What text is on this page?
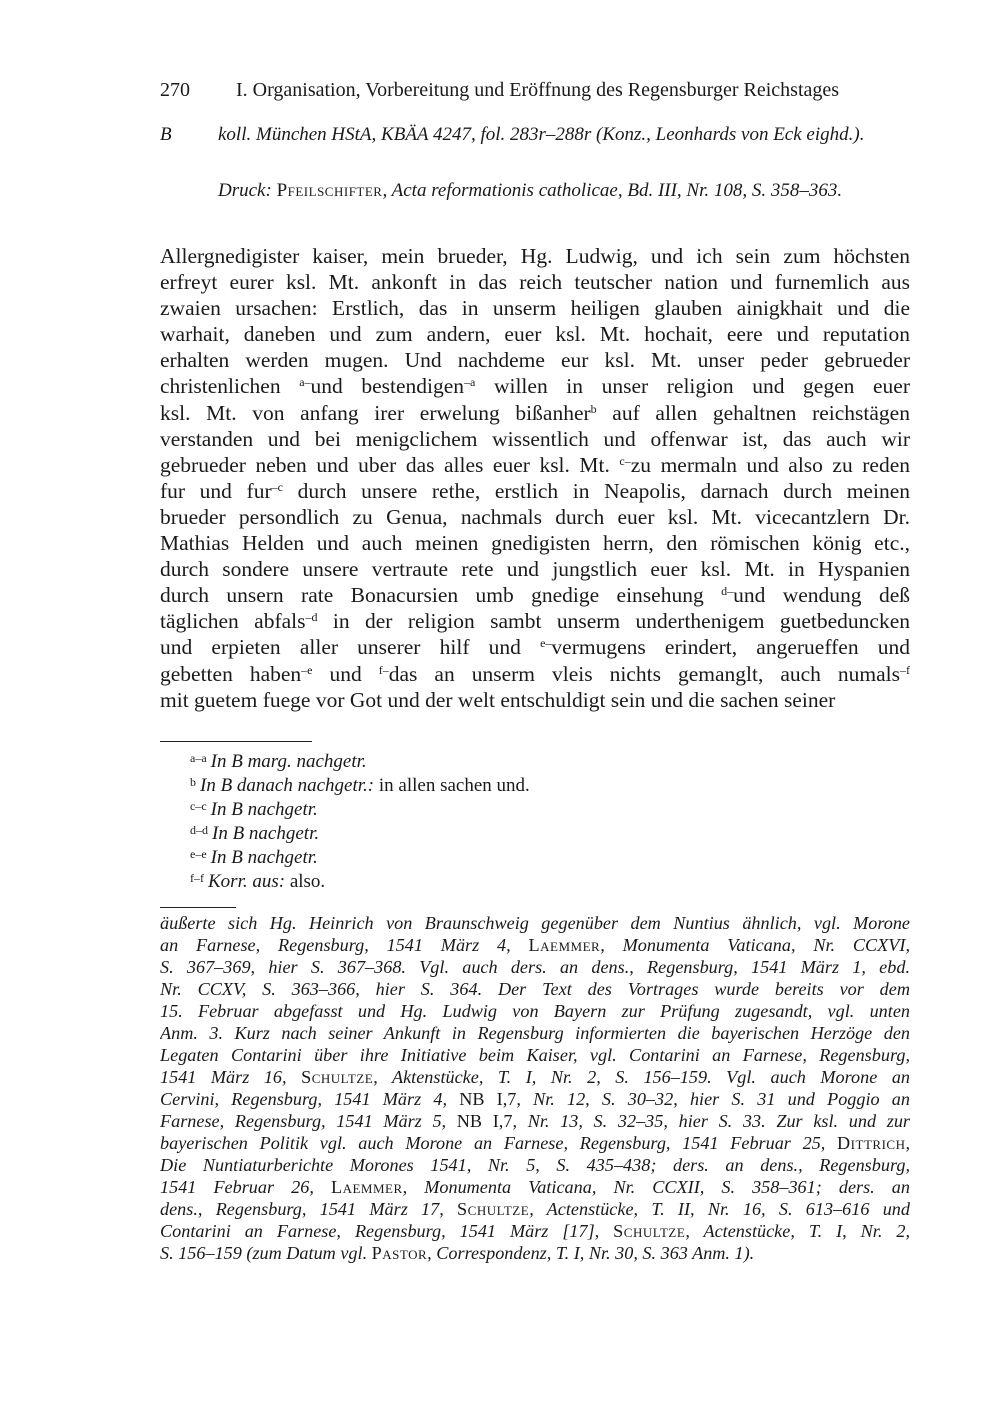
270 I. Organisation, Vorbereitung und Eröffnung des Regensburger Reichstages
B koll. München HStA, KBÄA 4247, fol. 283r–288r (Konz., Leonhards von Eck eighd.).
Druck: Pfeilschifter, Acta reformationis catholicae, Bd. III, Nr. 108, S. 358–363.
Allergnedigister kaiser, mein brueder, Hg. Ludwig, und ich sein zum höchsten
erfreyt eurer ksl. Mt. ankonft in das reich teutscher nation und furnemlich aus
zwaien ursachen: Erstlich, das in unserm heiligen glauben ainigkhait und die
warhait, daneben und zum andern, euer ksl. Mt. hochait, eere und reputation
erhalten werden mugen. Und nachdeme eur ksl. Mt. unser peder gebrueder
christenlichen $^{a-}$und bestendigen$^{-a}$ willen in unser religion und gegen euer
ksl. Mt. von anfang irer erwelung bißanher$^b$ auf allen gehaltnen reichstägen
verstanden und bei menigclichem wissentlich und offenwar ist, das auch wir
gebrueder neben und uber das alles euer ksl. Mt. $^{c-}$zu mermaln und also zu reden
fur und fur$^{-c}$ durch unsere rethe, erstlich in Neapolis, darnach durch meinen
brueder persondlich zu Genua, nachmals durch euer ksl. Mt. vicecantzlern Dr.
Mathias Helden und auch meinen gnedigisten herrn, den römischen könig etc.,
durch sondere unsere vertraute rete und jungstlich euer ksl. Mt. in Hyspanien
durch unsern rate Bonacursien umb gnedige einsehung $^{d-}$und wendung deß
täglichen abfals$^{-d}$ in der religion sambt unserm underthenigem guetbeduncken
und erpieten aller unserer hilf und $^{e-}$vermugens erindert, angerueffen und
gebetten haben$^{-e}$ und $^{f-}$das an unserm vleis nichts gemanglt, auch numals$^{-f}$
mit guetem fuege vor Got und der welt entschuldigt sein und die sachen seiner
$^{a-a}$ In B marg. nachgetr.
$^b$ In B danach nachgetr.: in allen sachen und.
$^{c-c}$ In B nachgetr.
$^{d-d}$ In B nachgetr.
$^{e-e}$ In B nachgetr.
$^{f-f}$ Korr. aus: also.
äußerte sich Hg. Heinrich von Braunschweig gegenüber dem Nuntius ähnlich, vgl. Morone
an Farnese, Regensburg, 1541 März 4, Laemmer, Monumenta Vaticana, Nr. CCXVI,
S. 367–369, hier S. 367–368. Vgl. auch ders. an dens., Regensburg, 1541 März 1, ebd.
Nr. CCXV, S. 363–366, hier S. 364. Der Text des Vortrages wurde bereits vor dem
15. Februar abgefasst und Hg. Ludwig von Bayern zur Prüfung zugesandt, vgl. unten
Anm. 3. Kurz nach seiner Ankunft in Regensburg informierten die bayerischen Herzöge den
Legaten Contarini über ihre Initiative beim Kaiser, vgl. Contarini an Farnese, Regensburg,
1541 März 16, Schultze, Aktenstücke, T. I, Nr. 2, S. 156–159. Vgl. auch Morone an
Cervini, Regensburg, 1541 März 4, NB I,7, Nr. 12, S. 30–32, hier S. 31 und Poggio an
Farnese, Regensburg, 1541 März 5, NB I,7, Nr. 13, S. 32–35, hier S. 33. Zur ksl. und zur
bayerischen Politik vgl. auch Morone an Farnese, Regensburg, 1541 Februar 25, Dittrich,
Die Nuntiaturberichte Morones 1541, Nr. 5, S. 435–438; ders. an dens., Regensburg,
1541 Februar 26, Laemmer, Monumenta Vaticana, Nr. CCXII, S. 358–361; ders. an
dens., Regensburg, 1541 März 17, Schultze, Actenstücke, T. II, Nr. 16, S. 613–616 und
Contarini an Farnese, Regensburg, 1541 März [17], Schultze, Actenstücke, T. I, Nr. 2,
S. 156–159 (zum Datum vgl. Pastor, Correspondenz, T. I, Nr. 30, S. 363 Anm. 1).
